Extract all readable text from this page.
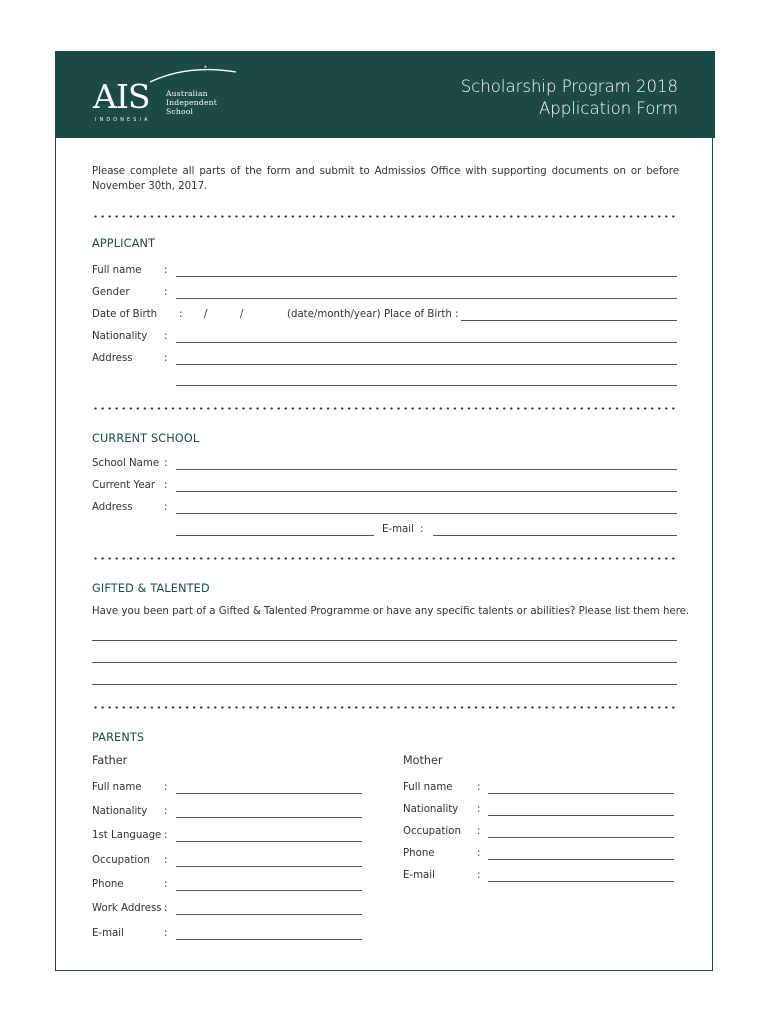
AIS Australian
Independent
School
INDONESIA
Scholarship Program 2018
Application Form
Please complete all parts of the form and submit to Admissios Office with supporting documents on or before November 30th, 2017.
APPLICANT
Full name :
Gender	:
Date of Birth : /	/	(date/month/year) Place of Birth :
Nationality :
Address	:
CURRENT SCHOOL
School Name :
Current Year :
Address	:
E-mail :
GIFTED & TALENTED
Have you been part of a Gifted & Talented Programme or have any specific talents or abilities? Please list them here.
PARENTS
Father	Mother
Full name :
Nationality :
1st Language :
Occupation :
Phone	:
Work Address :
E-mail	:
Full name :
Nationality :
Occupation :
Phone	:
E-mail	:
